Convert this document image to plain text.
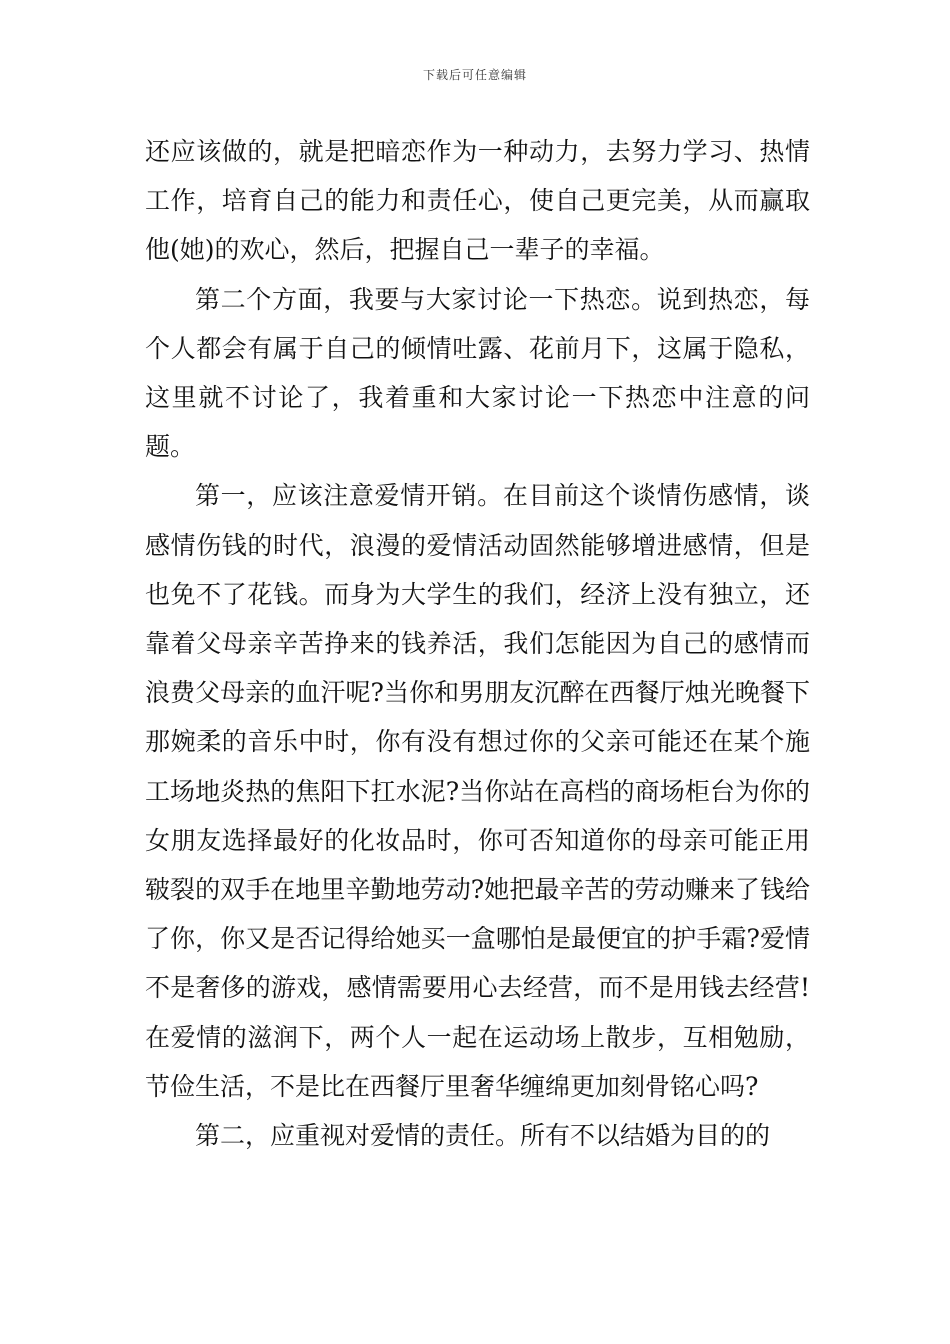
下载后可任意编辑

还应该做的，就是把暗恋作为一种动力，去努力学习、热情工作，培育自己的能力和责任心，使自己更完美，从而赢取他(她)的欢心，然后，把握自己一辈子的幸福。

第二个方面，我要与大家讨论一下热恋。说到热恋，每个人都会有属于自己的倾情吐露、花前月下，这属于隐私，这里就不讨论了，我着重和大家讨论一下热恋中注意的问题。

第一，应该注意爱情开销。在目前这个谈情伤感情，谈感情伤钱的时代，浪漫的爱情活动固然能够增进感情，但是也免不了花钱。而身为大学生的我们，经济上没有独立，还靠着父母亲辛苦挣来的钱养活，我们怎能因为自己的感情而浪费父母亲的血汗呢?当你和男朋友沉醉在西餐厅烛光晚餐下那婉柔的音乐中时，你有没有想过你的父亲可能还在某个施工场地炎热的焦阳下扛水泥?当你站在高档的商场柜台为你的女朋友选择最好的化妆品时，你可否知道你的母亲可能正用皲裂的双手在地里辛勤地劳动?她把最辛苦的劳动赚来了钱给了你，你又是否记得给她买一盒哪怕是最便宜的护手霜?爱情不是奢侈的游戏，感情需要用心去经营，而不是用钱去经营!在爱情的滋润下，两个人一起在运动场上散步，互相勉励，节俭生活，不是比在西餐厅里奢华缠绵更加刻骨铭心吗?

第二，应重视对爱情的责任。所有不以结婚为目的的
